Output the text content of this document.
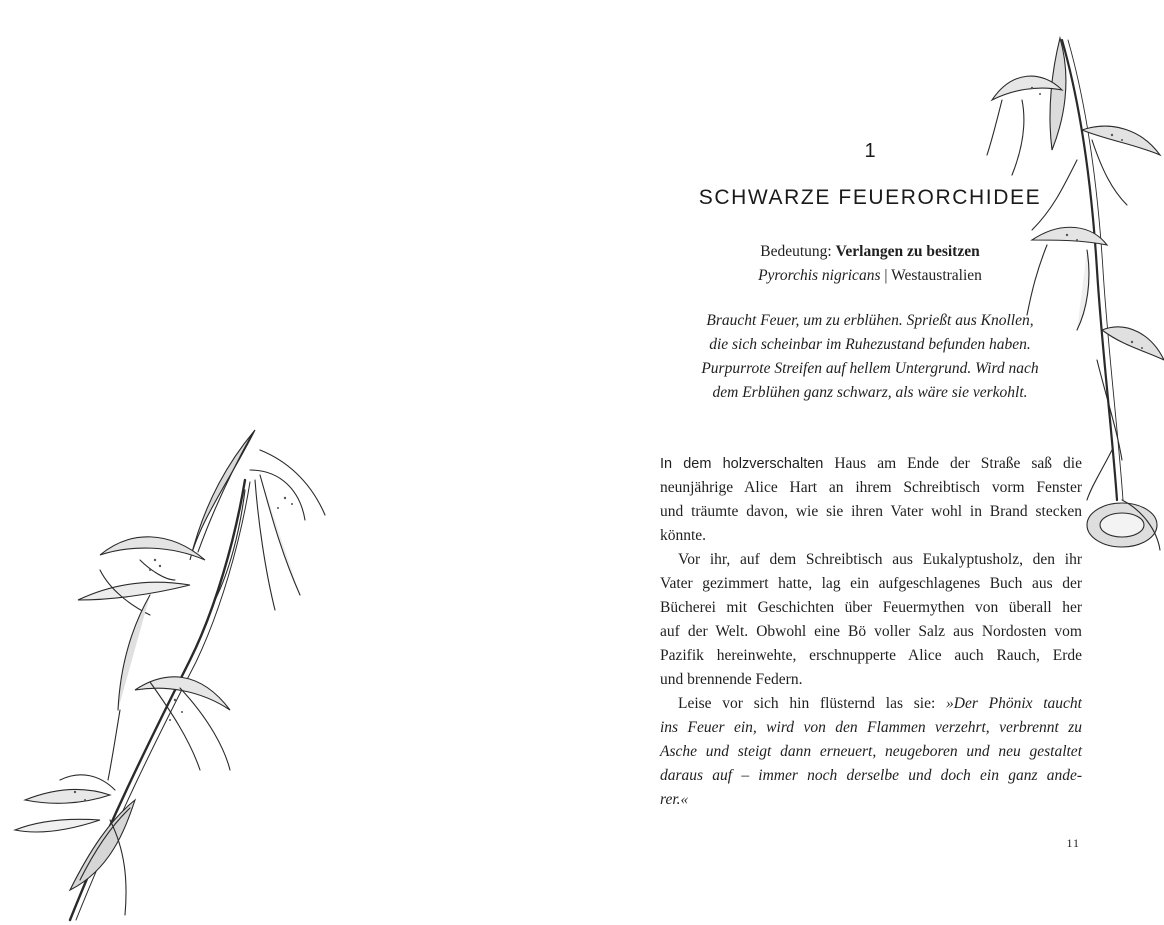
1
SCHWARZE FEUERORCHIDEE
Bedeutung: Verlangen zu besitzen
Pyrorchis nigricans | Westaustralien
Braucht Feuer, um zu erblühen. Sprießt aus Knollen,
die sich scheinbar im Ruhezustand befunden haben.
Purpurrote Streifen auf hellem Untergrund. Wird nach
dem Erblühen ganz schwarz, als wäre sie verkohlt.
In dem holzverschalten Haus am Ende der Straße saß die
neunjährige Alice Hart an ihrem Schreibtisch vorm Fenster
und träumte davon, wie sie ihren Vater wohl in Brand stecken
könnte.
Vor ihr, auf dem Schreibtisch aus Eukalyptusholz, den ihr
Vater gezimmert hatte, lag ein aufgeschlagenes Buch aus der
Bücherei mit Geschichten über Feuermythen von überall her
auf der Welt. Obwohl eine Bö voller Salz aus Nordosten vom
Pazifik hereinwehte, erschnupperte Alice auch Rauch, Erde
und brennende Federn.
Leise vor sich hin flüsternd las sie: »Der Phönix taucht
ins Feuer ein, wird von den Flammen verzehrt, verbrennt zu
Asche und steigt dann erneuert, neugeboren und neu gestaltet
daraus auf – immer noch derselbe und doch ein ganz ande-
rer.«
11
